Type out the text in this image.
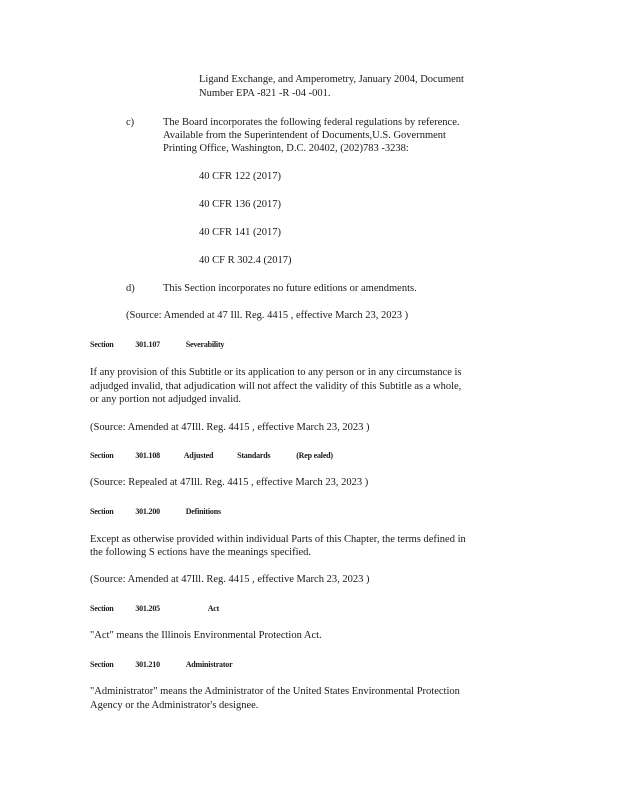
Ligand Exchange, and Amperometry, January 2004, Document
Number EPA -821 -R -04 -001.
c)	The Board incorporates the following federal regulations by reference.
Available from the Superintendent of Documents,U.S. Government
Printing Office, Washington, D.C. 20402, (202)783 -3238:
40 CFR 122 (2017)
40 CFR 136 (2017)
40 CFR 141 (2017)
40 CF R 302.4 (2017)
d)	This Section incorporates no future editions or amendments.
(Source: Amended at 47 Ill. Reg. 4415 , effective March 23, 2023 )
Section	301.107	Severability
If any provision of this Subtitle or its application to any person or in any circumstance is
adjudged invalid, that adjudication will not affect the validity of this Subtitle as a whole,
or any portion not adjudged invalid.
(Source: Amended at 47Ill. Reg. 4415 , effective March 23, 2023 )
Section	301.108	Adjusted	Standards	(Rep ealed)
(Source: Repealed at 47Ill. Reg. 4415 , effective March 23, 2023 )
Section	301.200	Definitions
Except as otherwise provided within individual Parts of this Chapter, the terms defined in
the following S ections have the meanings specified.
(Source: Amended at 47Ill. Reg. 4415 , effective March 23, 2023 )
Section	301.205	Act
"Act" means the Illinois Environmental Protection Act.
Section	301.210	Administrator
"Administrator" means the Administrator of the United States Environmental Protection
Agency or the Administrator's designee.
